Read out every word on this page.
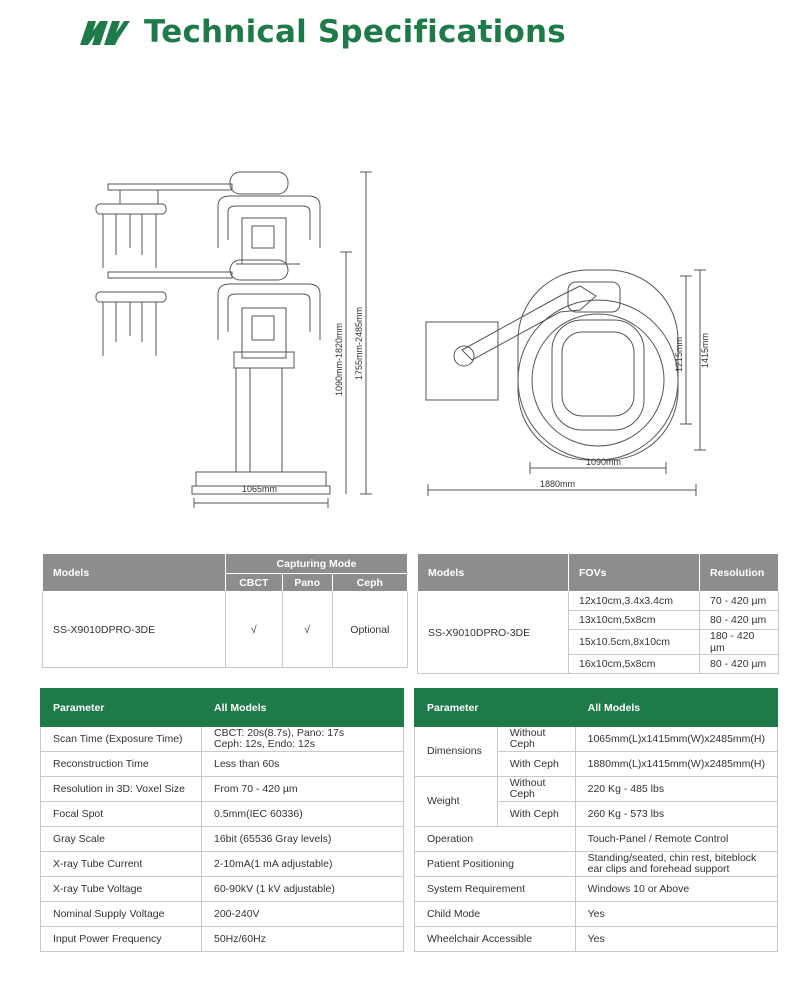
Technical Specifications
1065mm
1755mm-2485mm
1090mm-1820mm
1090mm
1880mm
1215mm 1415mm
Models	Capturing Mode		
	CBCT	Pano	Ceph
SS-X9010DPRO-3DE	√	√	Optional
Models	FOVs	Resolution
SS-X9010DPRO-3DE	12x10cm,3.4x3.4cm	70 - 420 µm
	13x10cm,5x8cm	80 - 420 µm
	15x10.5cm,8x10cm	180 - 420 µm
	16x10cm,5x8cm	80 - 420 µm
Parameter	All Models
Scan Time (Exposure Time)	CBCT: 20s(8.7s), Pano: 17s
Ceph: 12s, Endo: 12s
Reconstruction Time	Less than 60s
Resolution in 3D: Voxel Size	From 70 - 420 µm
Focal Spot	0.5mm(IEC 60336)
Gray Scale	16bit (65536 Gray levels)
X-ray Tube Current	2-10mA(1 mA adjustable)
X-ray Tube Voltage	60-90kV (1 kV adjustable)
Nominal Supply Voltage	200-240V
Input Power Frequency	50Hz/60Hz
Parameter		All Models
Dimensions	Without Ceph	1065mm(L)x1415mm(W)x2485mm(H)
	With Ceph	1880mm(L)x1415mm(W)x2485mm(H)
Weight	Without Ceph	220 Kg - 485 lbs
	With Ceph	260 Kg - 573 lbs
Operation		Touch-Panel / Remote Control
Patient Positioning		Standing/seated, chin rest, biteblock
ear clips and forehead support
System Requirement		Windows 10 or Above
Child Mode		Yes
Wheelchair Accessible		Yes
